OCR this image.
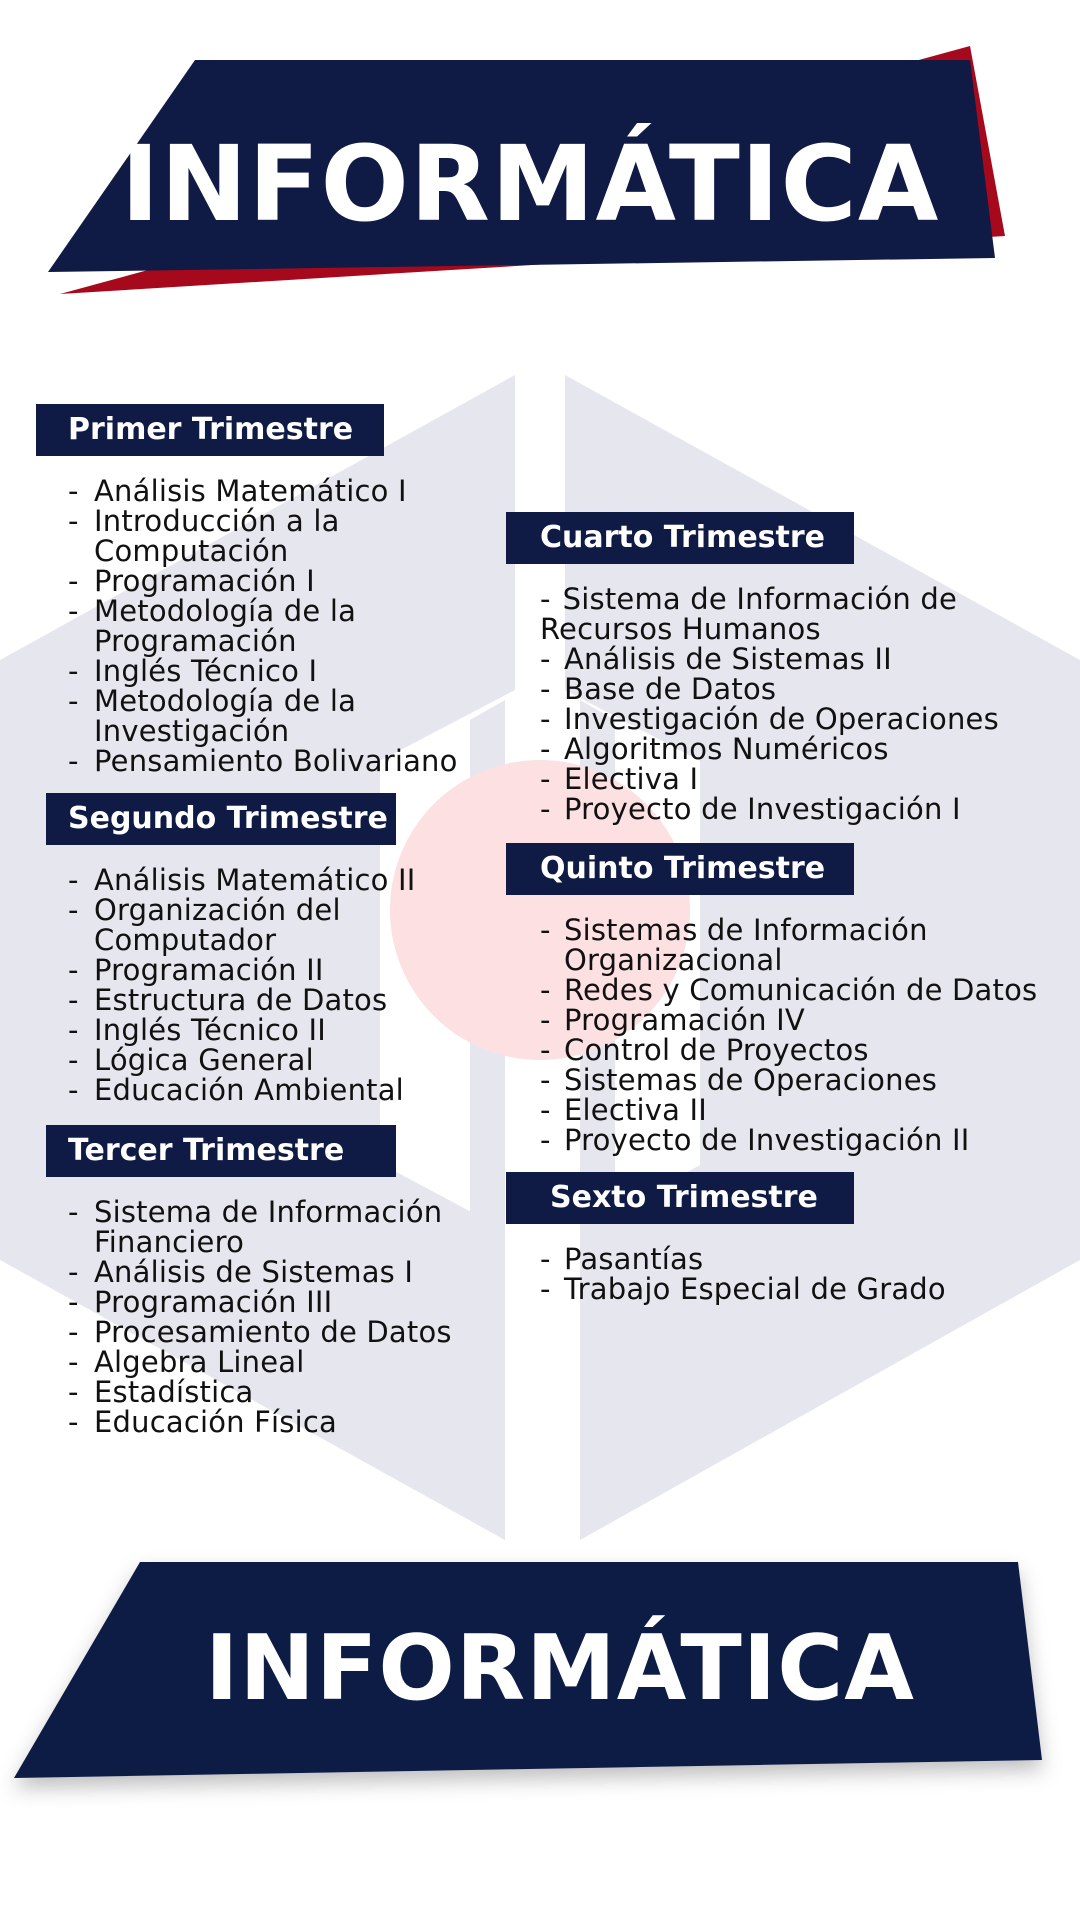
INFORMÁTICA
Primer Trimestre
- Análisis Matemático I
- Introducción a la Computación
- Programación I
- Metodología de la Programación
- Inglés Técnico I
- Metodología de la Investigación
- Pensamiento Bolivariano
Segundo Trimestre
- Análisis Matemático II
- Organización del Computador
- Programación II
- Estructura de Datos
- Inglés Técnico II
- Lógica General
- Educación Ambiental
Tercer Trimestre
- Sistema de Información Financiero
- Análisis de Sistemas I
- Programación III
- Procesamiento de Datos
- Algebra Lineal
- Estadística
- Educación Física
Cuarto Trimestre
- Sistema de Información de Recursos Humanos
- Análisis de Sistemas II
- Base de Datos
- Investigación de Operaciones
- Algoritmos Numéricos
- Electiva I
- Proyecto de Investigación I
Quinto Trimestre
- Sistemas de Información Organizacional
- Redes y Comunicación de Datos
- Programación IV
- Control de Proyectos
- Sistemas de Operaciones
- Electiva II
- Proyecto de Investigación II
Sexto Trimestre
- Pasantías
- Trabajo Especial de Grado
INFORMÁTICA
